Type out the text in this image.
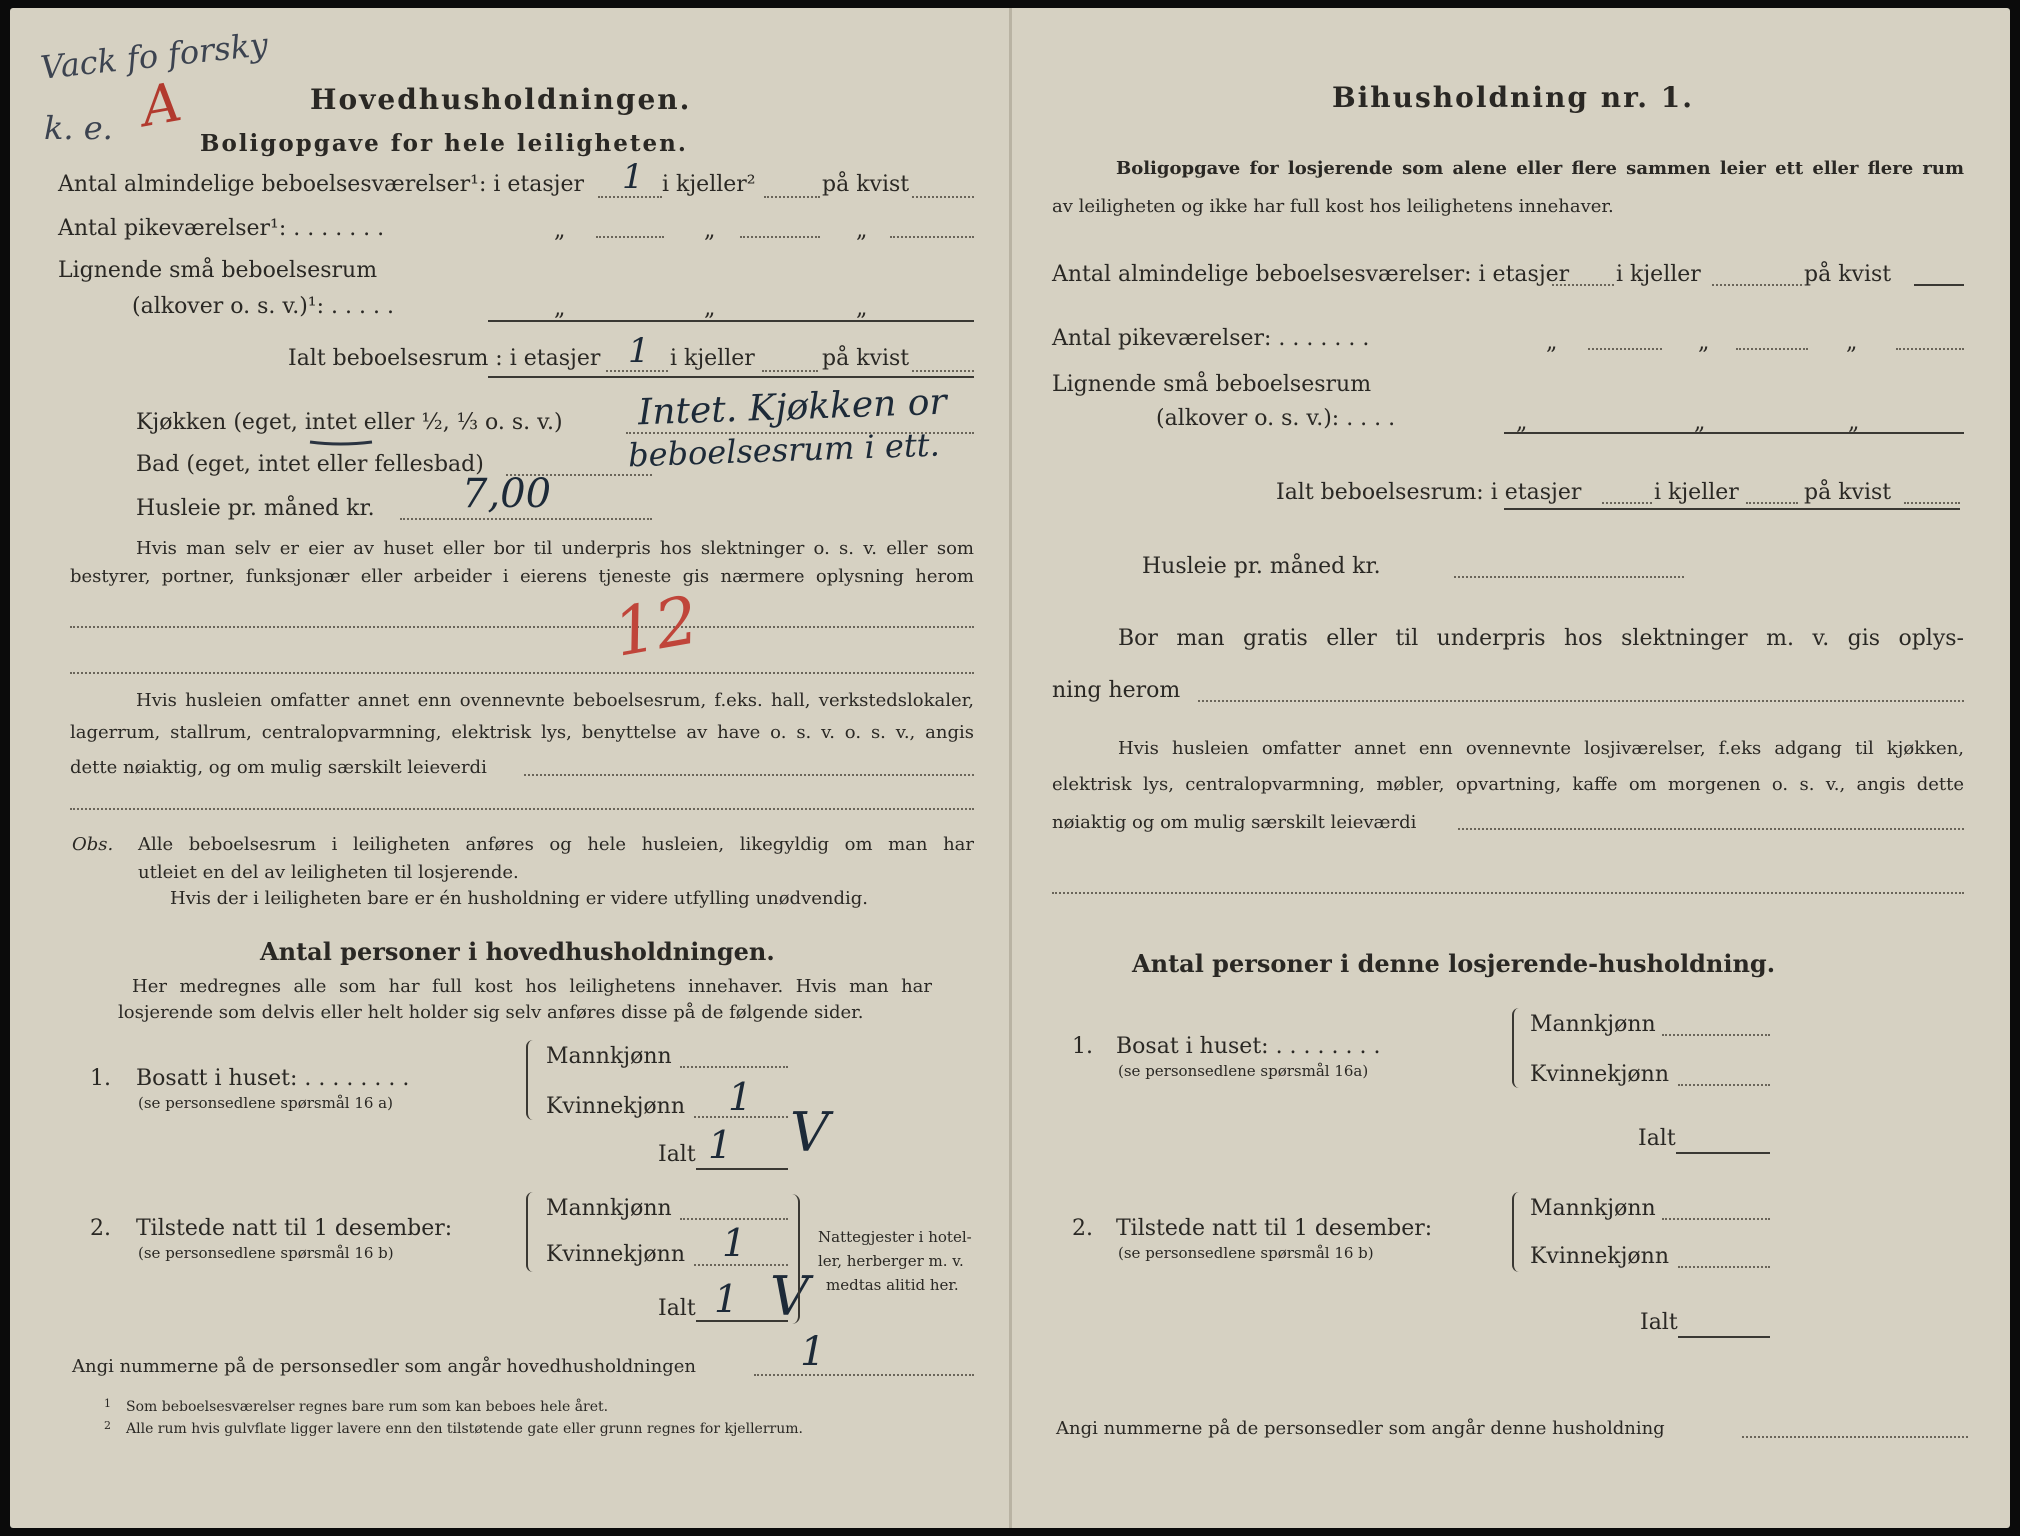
Vack fo forsky
k. e. A	Hovedhusholdningen.
Boligopgave for hele leiligheten.
Antal almindelige beboelsesværelser¹: i etasjer 1 i kjeller²	på kvist
Antal pikeværelser¹: . . . . . . .	„	„	„
Lignende små beboelsesrum
(alkover o. s. v.)¹: . . . . .	„	„	„
Ialt beboelsesrum : i etasjer 1 i kjeller	på kvist
Kjøkken (eget, intet eller ½, ⅓ o. s. v.) Intet. Kjøkken or
beboelsesrum i ett.
Bad (eget, intet eller fellesbad)
Husleie pr. måned kr. 7,00
Hvis man selv er eier av huset eller bor til underpris hos slektninger o. s. v. eller som
bestyrer, portner, funksjonær eller arbeider i eierens tjeneste gis nærmere oplysning herom
12
Hvis husleien omfatter annet enn ovennevnte beboelsesrum, f.eks. hall, verkstedslokaler,
lagerrum, stallrum, centralopvarmning, elektrisk lys, benyttelse av have o. s. v. o. s. v., angis
dette nøiaktig, og om mulig særskilt leieverdi
Obs. Alle beboelsesrum i leiligheten anføres og hele husleien, likegyldig om man har
utleiet en del av leiligheten til losjerende.
Hvis der i leiligheten bare er én husholdning er videre utfylling unødvendig.
Antal personer i hovedhusholdningen.
Her medregnes alle som har full kost hos leilighetens innehaver. Hvis man har
losjerende som delvis eller helt holder sig selv anføres disse på de følgende sider.
1. Bosatt i huset: . . . . . . . .
(se personsedlene spørsmål 16 a)
Mannkjønn
Kvinnekjønn 1
Ialt 1 V
2. Tilstede natt til 1 desember:
(se personsedlene spørsmål 16 b)
Mannkjønn
Kvinnekjønn 1
Ialt 1 V
Nattegjester i hotel-
ler, herberger m. v.
medtas alitid her.
Angi nummerne på de personsedler som angår hovedhusholdningen	1
1 Som beboelsesværelser regnes bare rum som kan beboes hele året.
2 Alle rum hvis gulvflate ligger lavere enn den tilstøtende gate eller grunn regnes for kjellerrum.
Bihusholdning nr. 1.
Boligopgave for losjerende som alene eller flere sammen leier ett eller flere rum
av leiligheten og ikke har full kost hos leilighetens innehaver.
Antal almindelige beboelsesværelser: i etasjer i kjeller	på kvist
Antal pikeværelser: . . . . . . .	„	„	„
Lignende små beboelsesrum
(alkover o. s. v.): . . . .	„	„	„
Ialt beboelsesrum: i etasjer	i kjeller	på kvist
Husleie pr. måned kr.
Bor man gratis eller til underpris hos slektninger m. v. gis oplys-
ning herom
Hvis husleien omfatter annet enn ovennevnte losjiværelser, f.eks adgang til kjøkken,
elektrisk lys, centralopvarmning, møbler, opvartning, kaffe om morgenen o. s. v., angis dette
nøiaktig og om mulig særskilt leieværdi
Antal personer i denne losjerende-husholdning.
1. Bosat i huset: . . . . . . . .
(se personsedlene spørsmål 16a)
Mannkjønn
Kvinnekjønn
Ialt
2. Tilstede natt til 1 desember:
(se personsedlene spørsmål 16 b)
Mannkjønn
Kvinnekjønn
Ialt
Angi nummerne på de personsedler som angår denne husholdning
